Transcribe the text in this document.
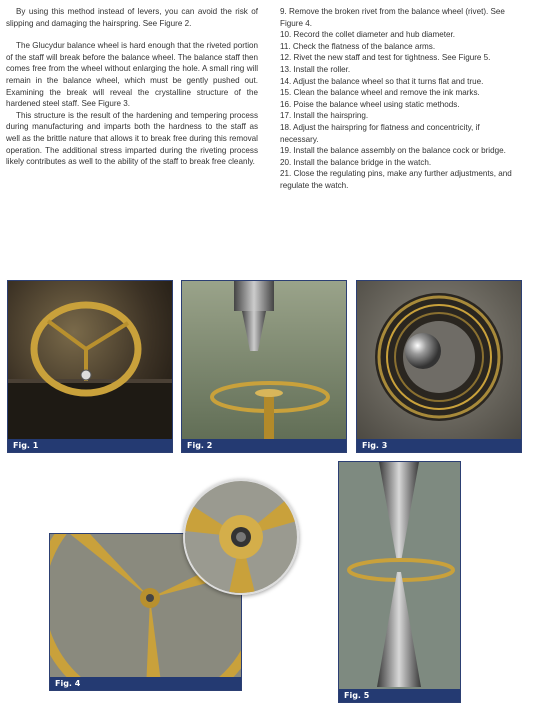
By using this method instead of levers, you can avoid the risk of slipping and damaging the hairspring. See Figure 2.

The Glucydur balance wheel is hard enough that the riveted portion of the staff will break before the balance wheel. The balance staff then comes free from the wheel without enlarging the hole. A small ring will remain in the balance wheel, which must be gently pushed out. Examining the break will reveal the crystalline structure of the hardened steel staff. See Figure 3.

This structure is the result of the hardening and tempering process during manufacturing and imparts both the hardness to the staff as well as the brittle nature that allows it to break free during this removal operation. The additional stress imparted during the riveting process likely contributes as well to the ability of the staff to break free cleanly.

9. Remove the broken rivet from the balance wheel (rivet). See Figure 4.

10. Record the collet diameter and hub diameter.

11. Check the flatness of the balance arms.

12. Rivet the new staff and test for tightness. See Figure 5.

13. Install the roller.

14. Adjust the balance wheel so that it turns flat and true.

15. Clean the balance wheel and remove the ink marks.

16. Poise the balance wheel using static methods.

17. Install the hairspring.

18. Adjust the hairspring for flatness and concentricity, if necessary.

19. Install the balance assembly on the balance cock or bridge.

20. Install the balance bridge in the watch.

21. Close the regulating pins, make any further adjustments, and regulate the watch.

Fig. 1	Fig. 2	Fig. 3
Fig. 4
Fig. 5
